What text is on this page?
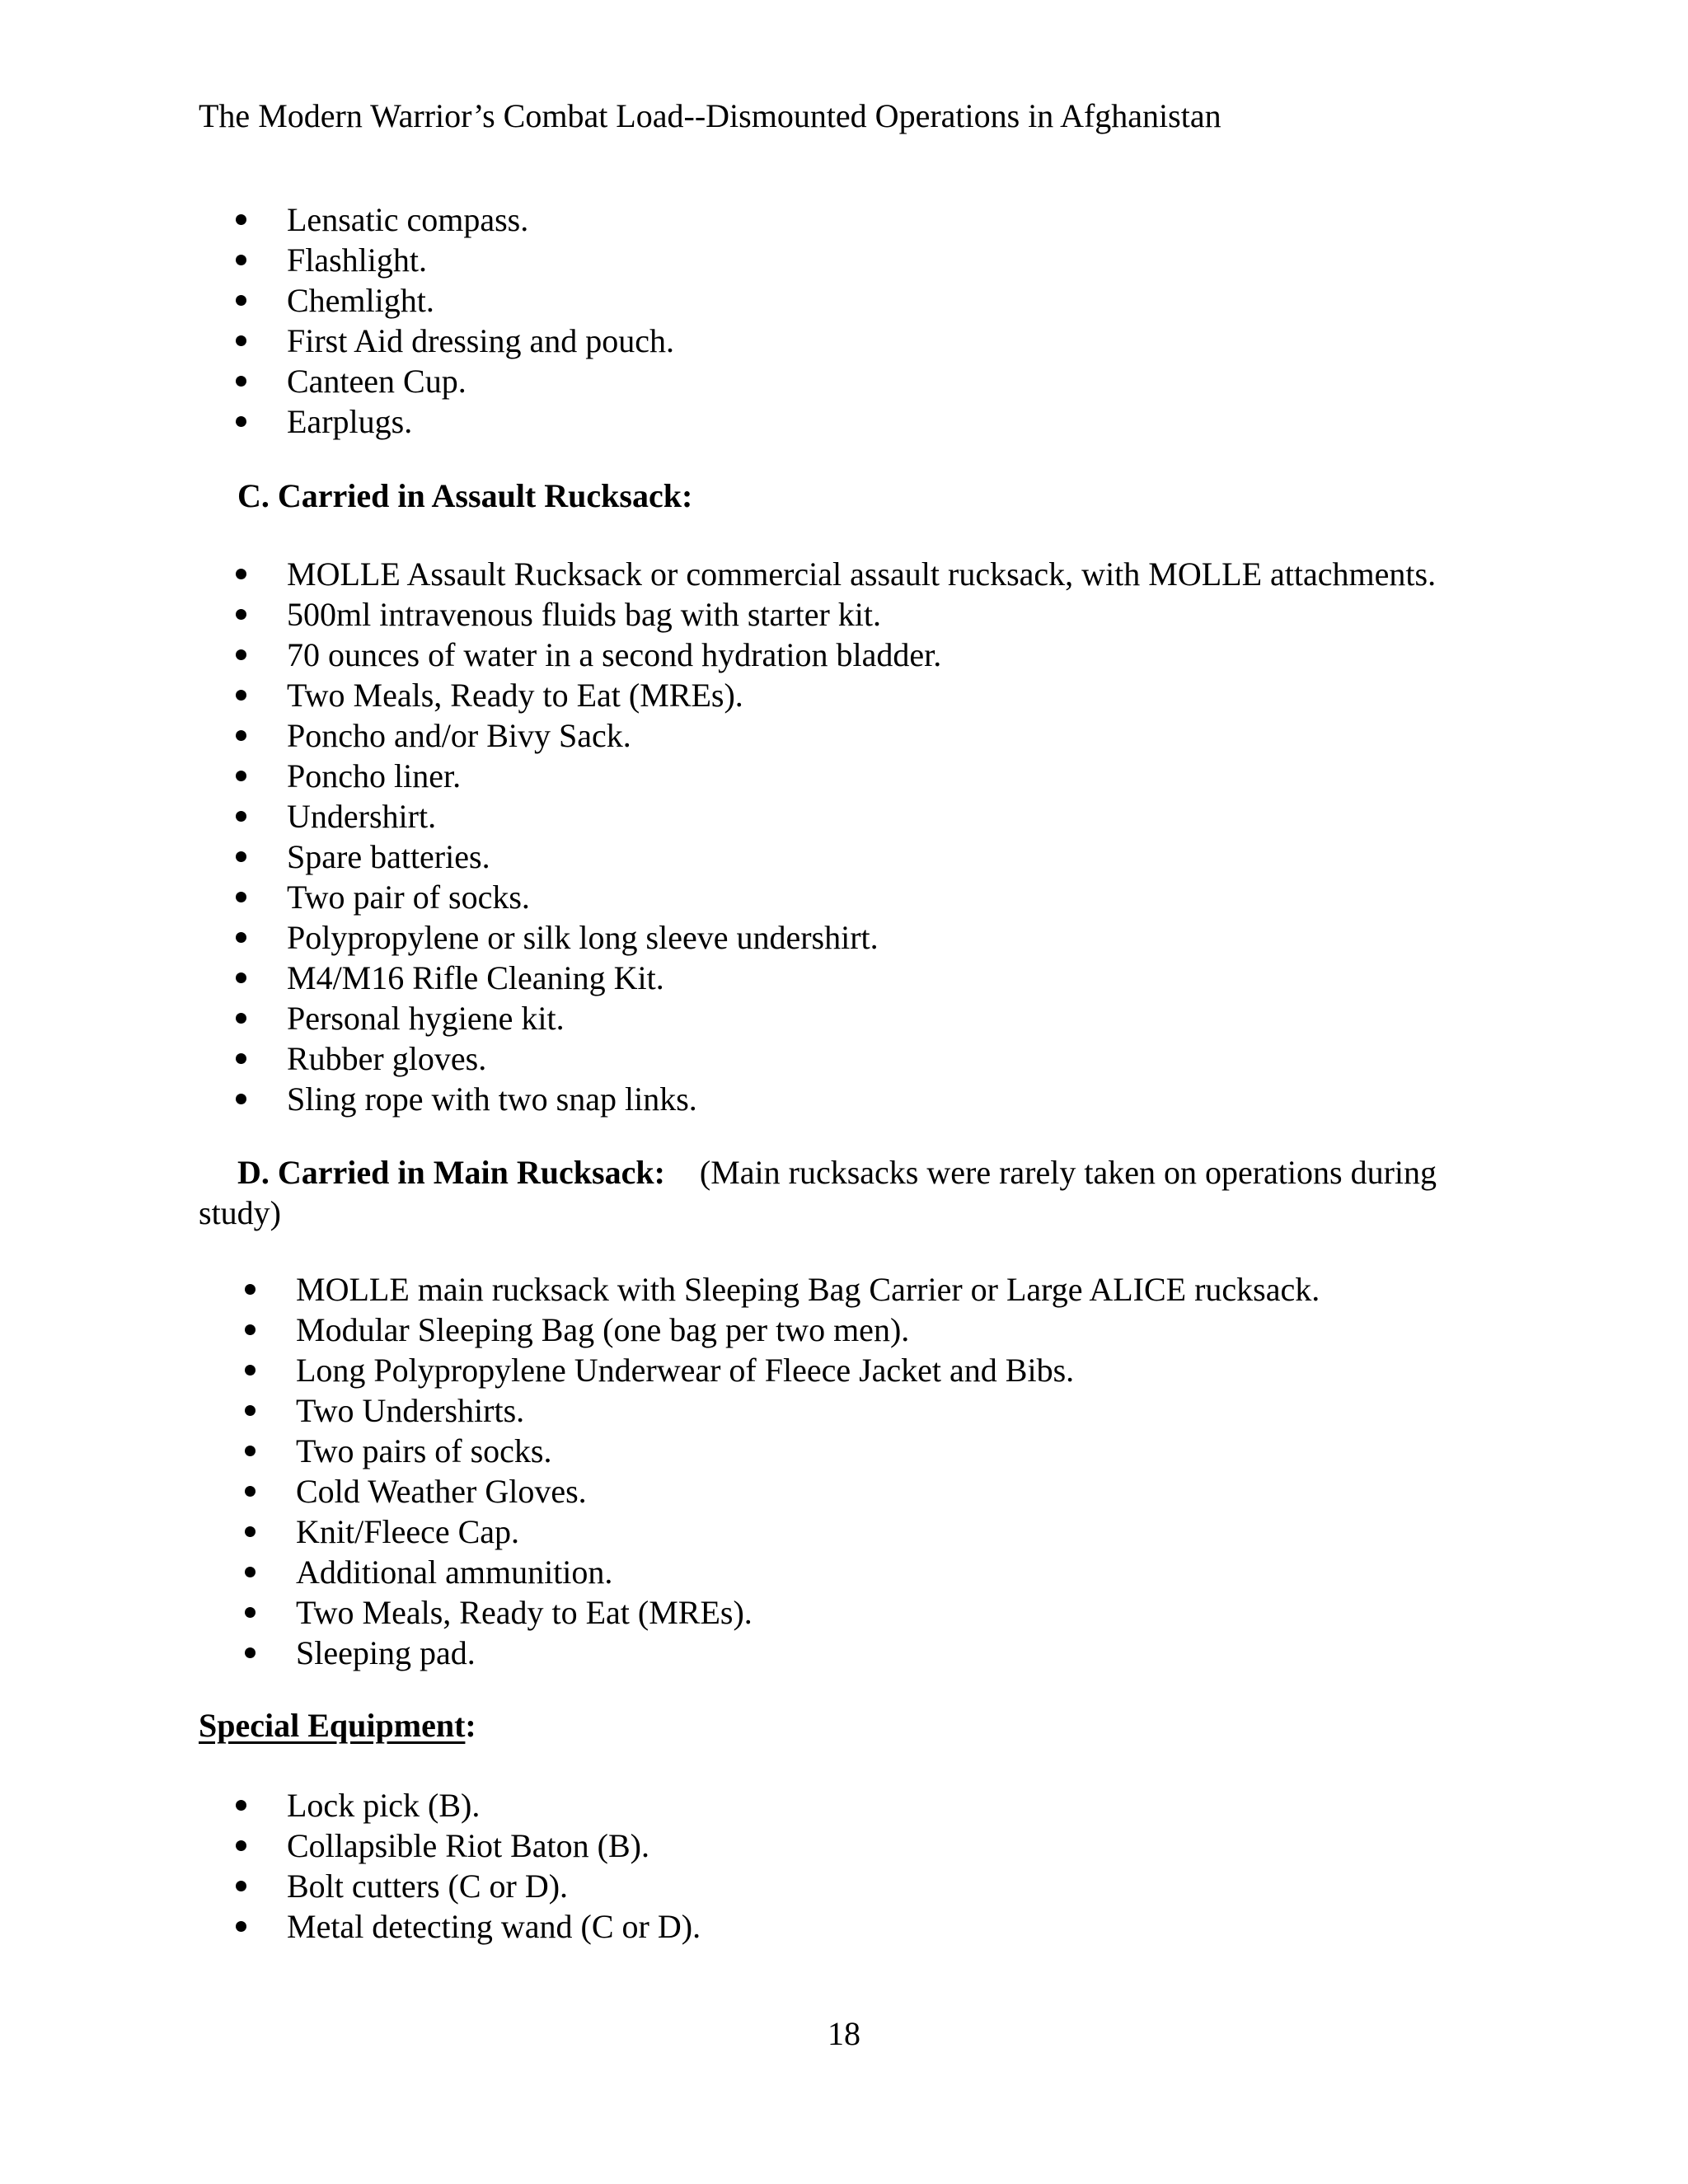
The Modern Warrior’s Combat Load--Dismounted Operations in Afghanistan
Lensatic compass.
Flashlight.
Chemlight.
First Aid dressing and pouch.
Canteen Cup.
Earplugs.
C. Carried in Assault Rucksack:
MOLLE Assault Rucksack or commercial assault rucksack, with MOLLE attachments.
500ml intravenous fluids bag with starter kit.
70 ounces of water in a second hydration bladder.
Two Meals, Ready to Eat (MREs).
Poncho and/or Bivy Sack.
Poncho liner.
Undershirt.
Spare batteries.
Two pair of socks.
Polypropylene or silk long sleeve undershirt.
M4/M16 Rifle Cleaning Kit.
Personal hygiene kit.
Rubber gloves.
Sling rope with two snap links.
D. Carried in Main Rucksack: (Main rucksacks were rarely taken on operations during
study)
MOLLE main rucksack with Sleeping Bag Carrier or Large ALICE rucksack.
Modular Sleeping Bag (one bag per two men).
Long Polypropylene Underwear of Fleece Jacket and Bibs.
Two Undershirts.
Two pairs of socks.
Cold Weather Gloves.
Knit/Fleece Cap.
Additional ammunition.
Two Meals, Ready to Eat (MREs).
Sleeping pad.
Special Equipment:
Lock pick (B).
Collapsible Riot Baton (B).
Bolt cutters (C or D).
Metal detecting wand (C or D).
18
